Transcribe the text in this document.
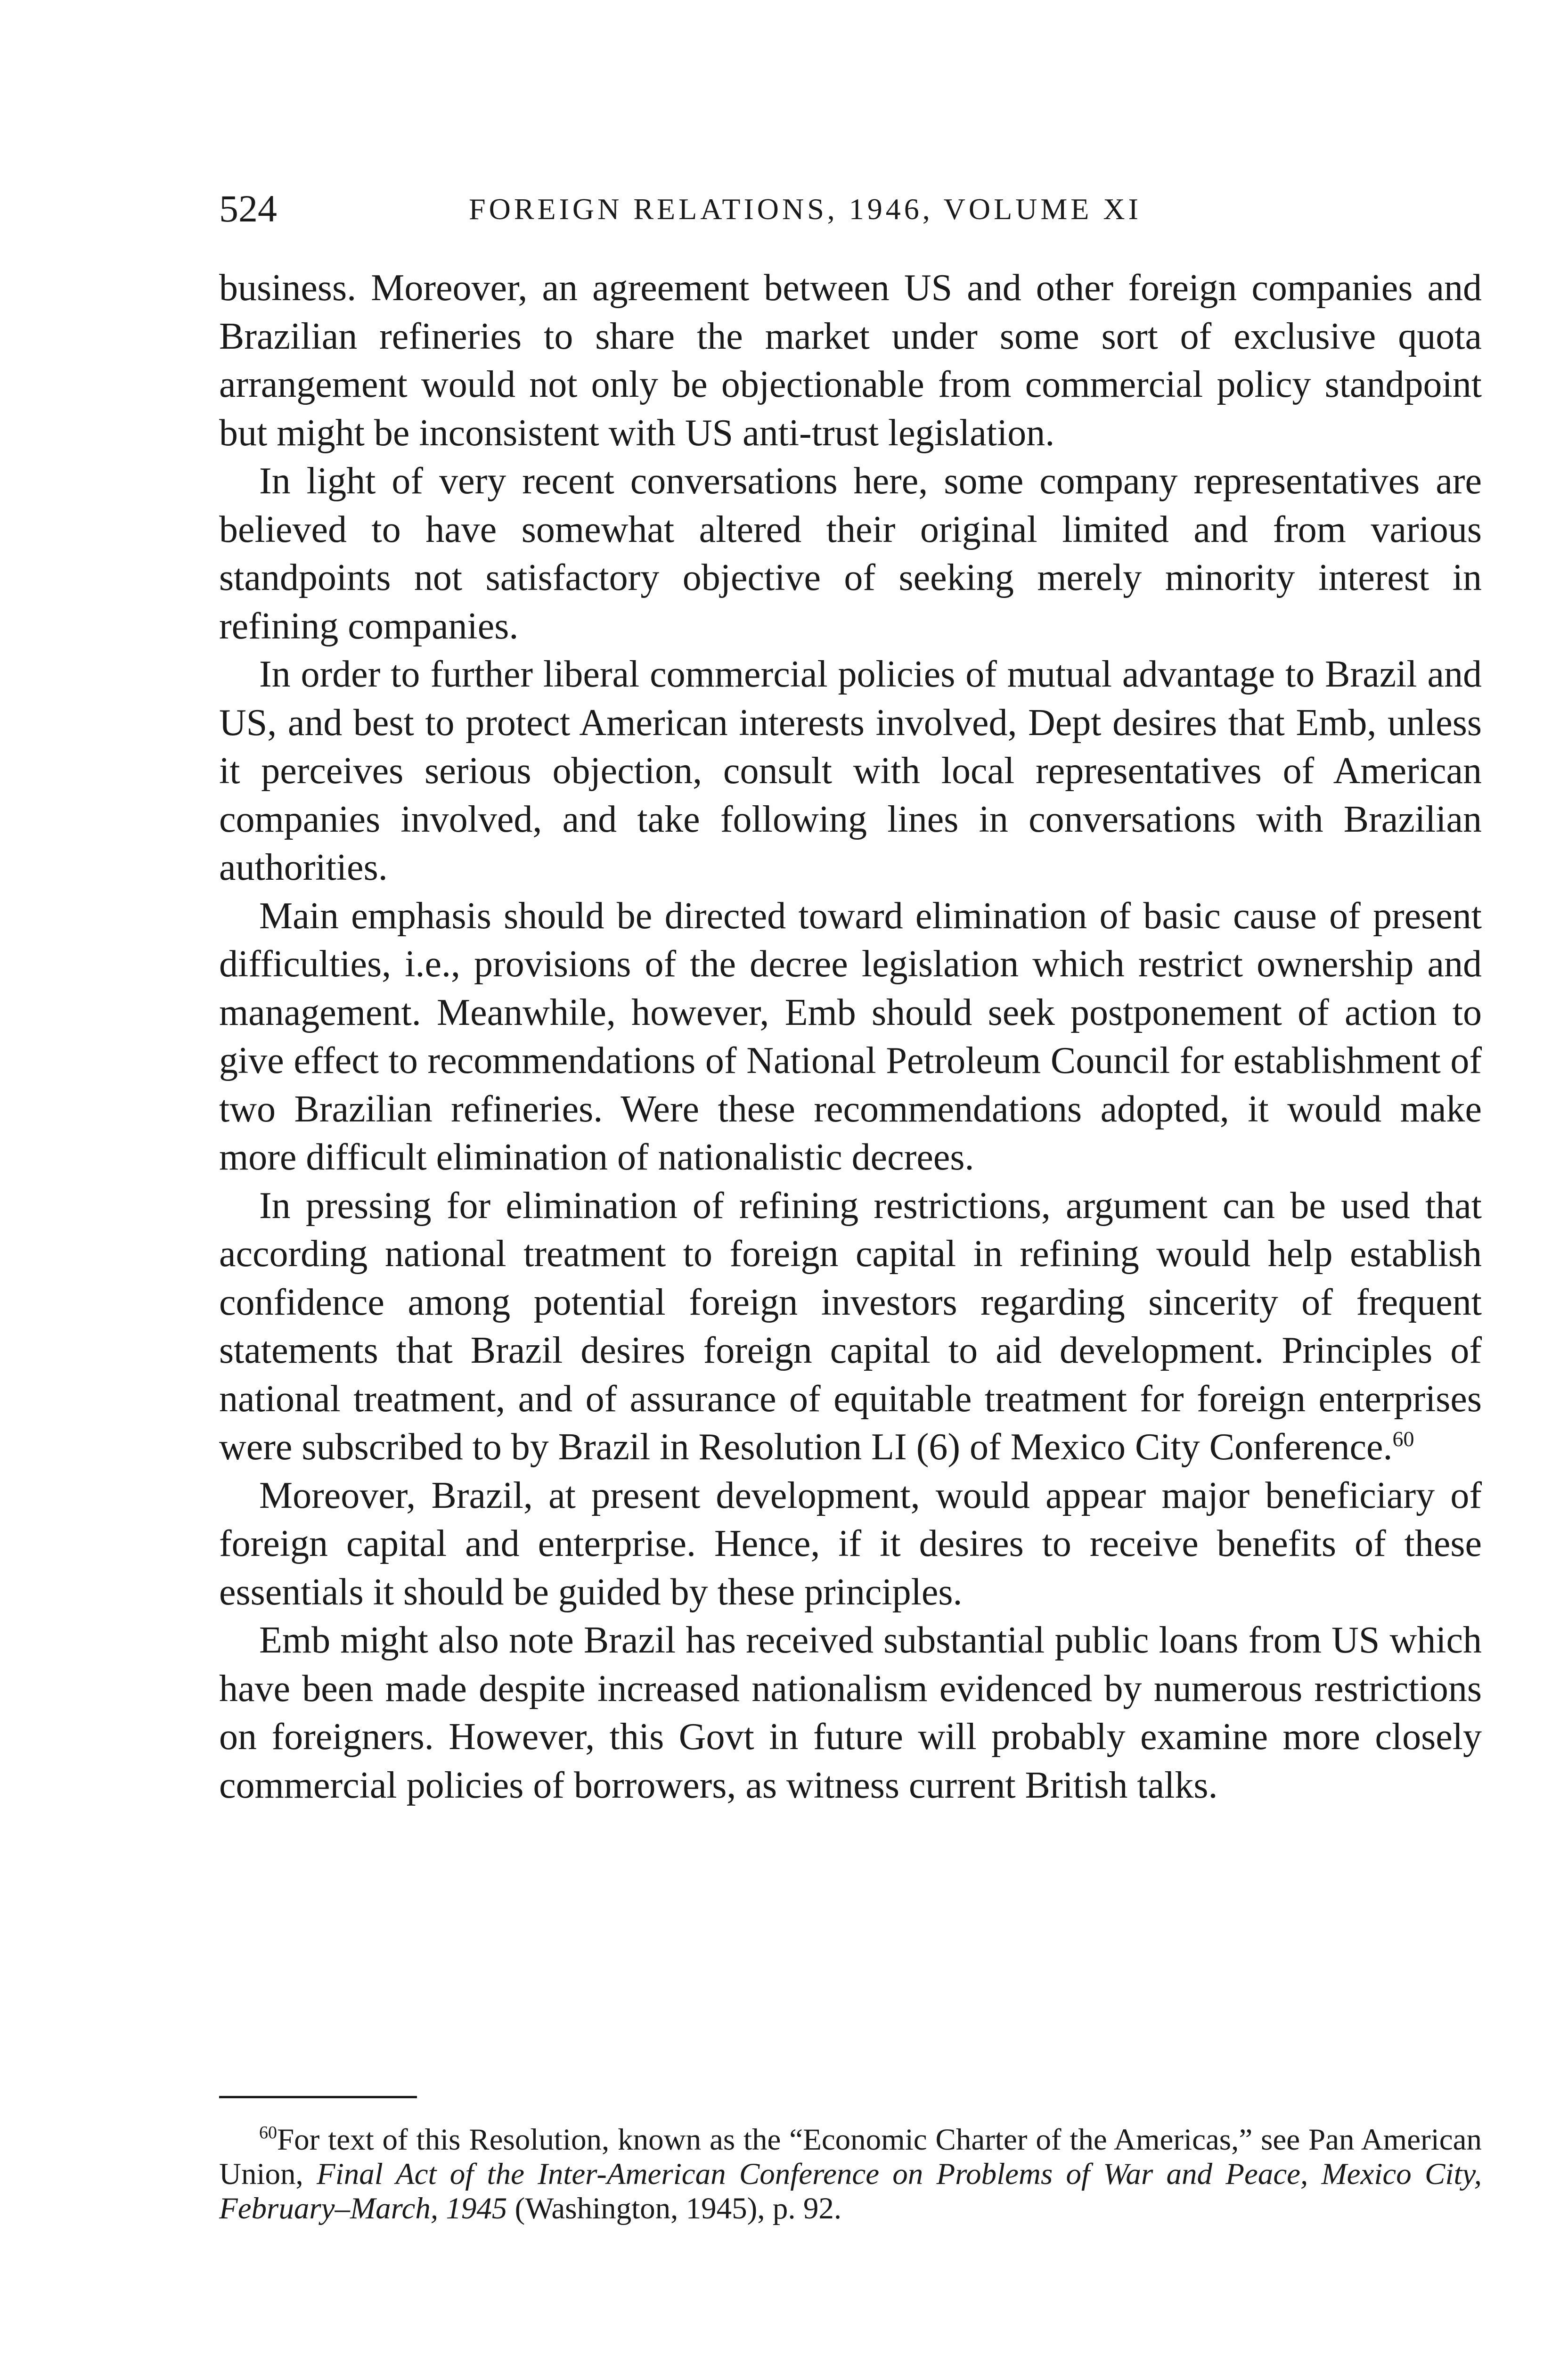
524	FOREIGN RELATIONS, 1946, VOLUME XI

business. Moreover, an agreement between US and other foreign companies and Brazilian refineries to share the market under some sort of exclusive quota arrangement would not only be objectionable from commercial policy standpoint but might be inconsistent with US anti-trust legislation.

In light of very recent conversations here, some company representatives are believed to have somewhat altered their original limited and from various standpoints not satisfactory objective of seeking merely minority interest in refining companies.

In order to further liberal commercial policies of mutual advantage to Brazil and US, and best to protect American interests involved, Dept desires that Emb, unless it perceives serious objection, consult with local representatives of American companies involved, and take following lines in conversations with Brazilian authorities.

Main emphasis should be directed toward elimination of basic cause of present difficulties, i.e., provisions of the decree legislation which restrict ownership and management. Meanwhile, however, Emb should seek postponement of action to give effect to recommendations of National Petroleum Council for establishment of two Brazilian refineries. Were these recommendations adopted, it would make more difficult elimination of nationalistic decrees.

In pressing for elimination of refining restrictions, argument can be used that according national treatment to foreign capital in refining would help establish confidence among potential foreign investors regarding sincerity of frequent statements that Brazil desires foreign capital to aid development. Principles of national treatment, and of assurance of equitable treatment for foreign enterprises were subscribed to by Brazil in Resolution LI (6) of Mexico City Conference.$^{60}$

Moreover, Brazil, at present development, would appear major beneficiary of foreign capital and enterprise. Hence, if it desires to receive benefits of these essentials it should be guided by these principles.

Emb might also note Brazil has received substantial public loans from US which have been made despite increased nationalism evidenced by numerous restrictions on foreigners. However, this Govt in future will probably examine more closely commercial policies of borrowers, as witness current British talks.

$^{60}$For text of this Resolution, known as the “Economic Charter of the Americas,” see Pan American Union, Final Act of the Inter-American Conference on Problems of War and Peace, Mexico City, February–March, 1945 (Washington, 1945), p. 92.
